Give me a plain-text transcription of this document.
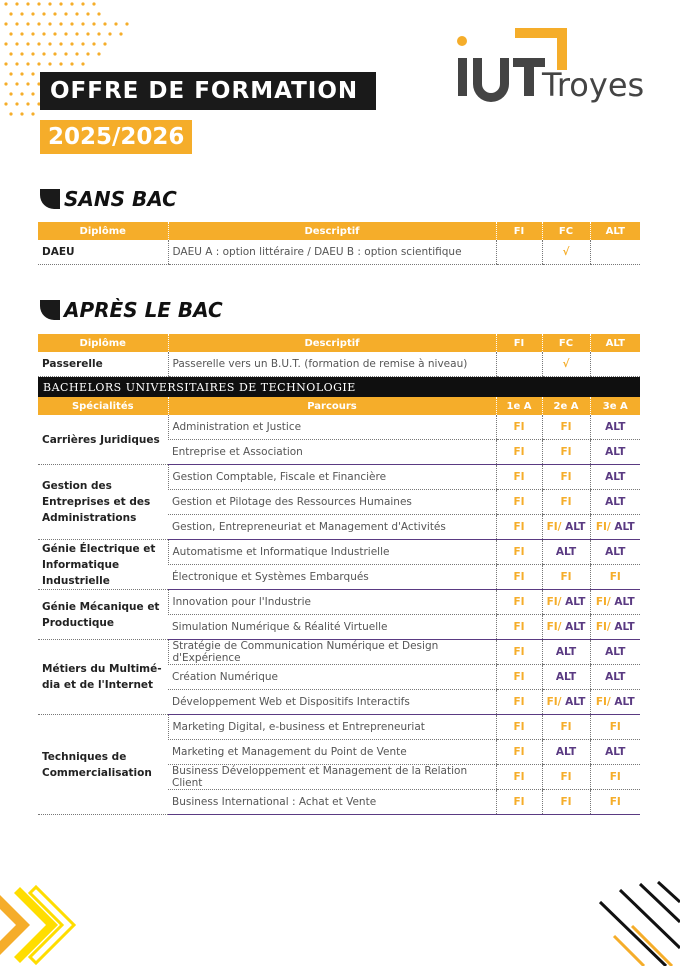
OFFRE DE FORMATION
2025/2026
Troyes
SANS BAC
Diplôme	Descriptif	FI	FC	ALT
DAEU	DAEU A : option littéraire / DAEU B : option scientifique		√	
APRÈS LE BAC
Diplôme	Descriptif	FI	FC	ALT
Passerelle	Passerelle vers un B.U.T. (formation de remise à niveau)		√	
BACHELORS UNIVERSITAIRES DE TECHNOLOGIE				
Spécialités	Parcours	1e A	2e A	3e A
Carrières Juridiques	Administration et Justice	FI	FI	ALT
	Entreprise et Association	FI	FI	ALT
Gestion des Entreprises et des Administrations	Gestion Comptable, Fiscale et Financière	FI	FI	ALT
	Gestion et Pilotage des Ressources Humaines	FI	FI	ALT
	Gestion, Entrepreneuriat et Management d'Activités	FI	FI/ ALT	FI/ ALT
Génie Électrique et Informatique Industrielle	Automatisme et Informatique Industrielle	FI	ALT	ALT
	Électronique et Systèmes Embarqués	FI	FI	FI
Génie Mécanique et Productique	Innovation pour l'Industrie	FI	FI/ ALT	FI/ ALT
	Simulation Numérique & Réalité Virtuelle	FI	FI/ ALT	FI/ ALT
Métiers du Multimé-dia et de l'Internet	Stratégie de Communication Numérique et Design d'Expérience	FI	ALT	ALT
	Création Numérique	FI	ALT	ALT
	Développement Web et Dispositifs Interactifs	FI	FI/ ALT	FI/ ALT
Techniques de Commercialisation	Marketing Digital, e-business et Entrepreneuriat	FI	FI	FI
	Marketing et Management du Point de Vente	FI	ALT	ALT
	Business Développement et Management de la Relation Client	FI	FI	FI
	Business International : Achat et Vente	FI	FI	FI
